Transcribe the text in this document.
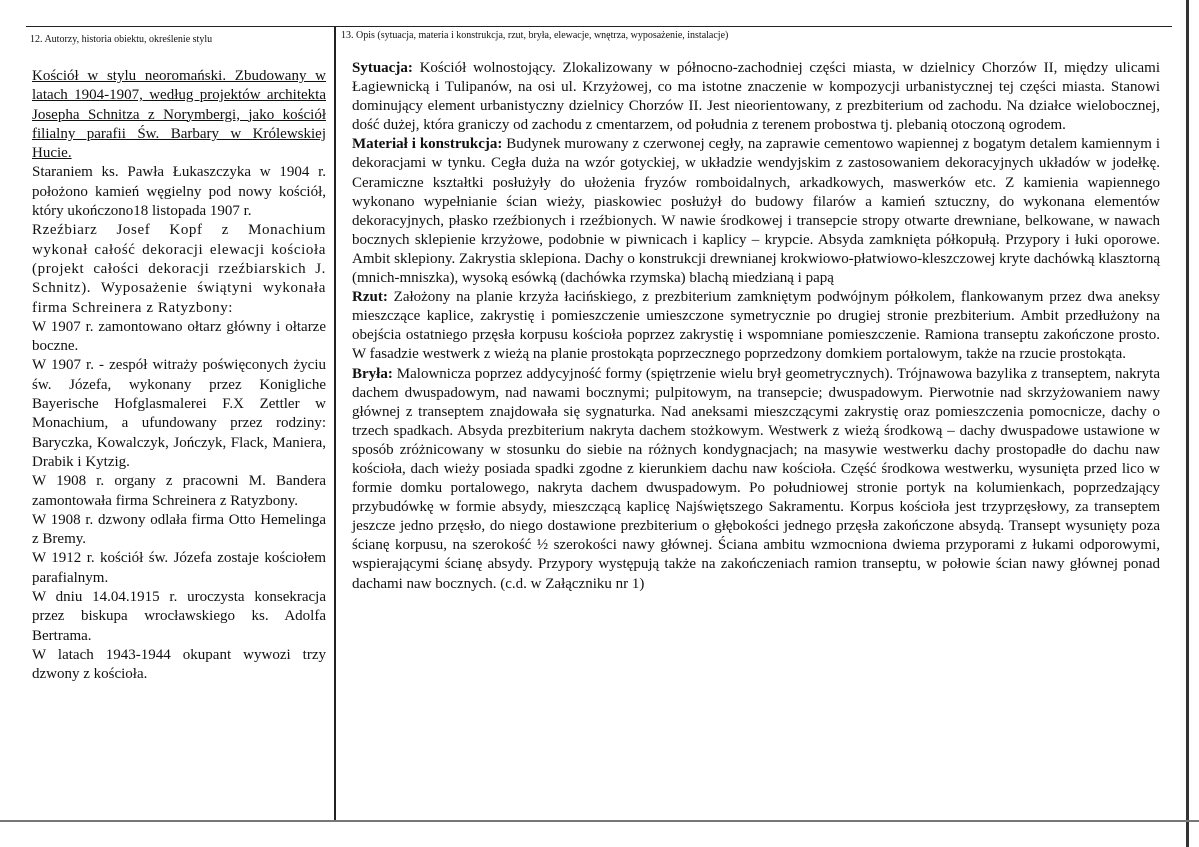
12. Autorzy, historia obiektu, określenie stylu	13. Opis (sytuacja, materia i konstrukcja, rzut, bryła, elewacje, wnętrza, wyposażenie, instalacje)

Kościół w stylu neoromański. Zbudowany w latach 1904-1907, według projektów architekta Josepha Schnitza z Norymbergi, jako kościół filialny parafii Św. Barbary w Królewskiej Hucie.

Staraniem ks. Pawła Łukaszczyka w 1904 r. położono kamień węgielny pod nowy kościół, który ukończono18 listopada 1907 r.

Rzeźbiarz Josef Kopf z Monachium wykonał całość dekoracji elewacji kościoła (projekt całości dekoracji rzeźbiarskich J. Schnitz). Wyposażenie świątyni wykonała firma Schreinera z Ratyzbony:

W 1907 r. zamontowano ołtarz główny i ołtarze boczne.

W 1907 r. - zespół witraży poświęconych życiu św. Józefa, wykonany przez Konigliche Bayerische Hofglasmalerei F.X Zettler w Monachium, a ufundowany przez rodziny: Baryczka, Kowalczyk, Jończyk, Flack, Maniera, Drabik i Kytzig.

W 1908 r. organy z pracowni M. Bandera zamontowała firma Schreinera z Ratyzbony.

W 1908 r. dzwony odlała firma Otto Hemelinga z Bremy.

W 1912 r. kościół św. Józefa zostaje kościołem parafialnym.

W dniu 14.04.1915 r. uroczysta konsekracja przez biskupa wrocławskiego ks. Adolfa Bertrama.

W latach 1943-1944 okupant wywozi trzy dzwony z kościoła.

Sytuacja: Kościół wolnostojący. Zlokalizowany w północno-zachodniej części miasta, w dzielnicy Chorzów II, między ulicami Łagiewnicką i Tulipanów, na osi ul. Krzyżowej, co ma istotne znaczenie w kompozycji urbanistycznej tej części miasta. Stanowi dominujący element urbanistyczny dzielnicy Chorzów II. Jest nieorientowany, z prezbiterium od zachodu. Na działce wielobocznej, dość dużej, która graniczy od zachodu z cmentarzem, od południa z terenem probostwa tj. plebanią otoczoną ogrodem.

Materiał i konstrukcja: Budynek murowany z czerwonej cegły, na zaprawie cementowo wapiennej z bogatym detalem kamiennym i dekoracjami w tynku. Cegła duża na wzór gotyckiej, w układzie wendyjskim z zastosowaniem dekoracyjnych układów w jodełkę. Ceramiczne kształtki posłużyły do ułożenia fryzów romboidalnych, arkadkowych, maswerków etc. Z kamienia wapiennego wykonano wypełnianie ścian wieży, piaskowiec posłużył do budowy filarów a kamień sztuczny, do wykonana elementów dekoracyjnych, płasko rzeźbionych i rzeźbionych. W nawie środkowej i transepcie stropy otwarte drewniane, belkowane, w nawach bocznych sklepienie krzyżowe, podobnie w piwnicach i kaplicy – krypcie. Absyda zamknięta półkopułą. Przypory i łuki oporowe. Ambit sklepiony. Zakrystia sklepiona. Dachy o konstrukcji drewnianej krokwiowo-płatwiowo-kleszczowej kryte dachówką klasztorną (mnich-mniszka), wysoką esówką (dachówka rzymska) blachą miedzianą i papą

Rzut: Założony na planie krzyża łacińskiego, z prezbiterium zamkniętym podwójnym półkolem, flankowanym przez dwa aneksy mieszczące kaplice, zakrystię i pomieszczenie umieszczone symetrycznie po drugiej stronie prezbiterium. Ambit przedłużony na obejścia ostatniego przęsła korpusu kościoła poprzez zakrystię i wspomniane pomieszczenie. Ramiona transeptu zakończone prosto. W fasadzie westwerk z wieżą na planie prostokąta poprzecznego poprzedzony domkiem portalowym, także na rzucie prostokąta.

Bryła: Malownicza poprzez addycyjność formy (spiętrzenie wielu brył geometrycznych). Trójnawowa bazylika z transeptem, nakryta dachem dwuspadowym, nad nawami bocznymi; pulpitowym, na transepcie; dwuspadowym. Pierwotnie nad skrzyżowaniem nawy głównej z transeptem znajdowała się sygnaturka. Nad aneksami mieszczącymi zakrystię oraz pomieszczenia pomocnicze, dachy o trzech spadkach. Absyda prezbiterium nakryta dachem stożkowym. Westwerk z wieżą środkową – dachy dwuspadowe ustawione w sposób zróżnicowany w stosunku do siebie na różnych kondygnacjach; na masywie westwerku dachy prostopadłe do dachu naw kościoła, dach wieży posiada spadki zgodne z kierunkiem dachu naw kościoła. Część środkowa westwerku, wysunięta przed lico w formie domku portalowego, nakryta dachem dwuspadowym. Po południowej stronie portyk na kolumienkach, poprzedzający przybudówkę w formie absydy, mieszczącą kaplicę Najświętszego Sakramentu. Korpus kościoła jest trzyprzęsłowy, za transeptem jeszcze jedno przęsło, do niego dostawione prezbiterium o głębokości jednego przęsła zakończone absydą. Transept wysunięty poza ścianę korpusu, na szerokość ½ szerokości nawy głównej. Ściana ambitu wzmocniona dwiema przyporami z łukami odporowymi, wspierającymi ścianę absydy. Przypory występują także na zakończeniach ramion transeptu, w połowie ścian nawy głównej ponad dachami naw bocznych. (c.d. w Załączniku nr 1)
